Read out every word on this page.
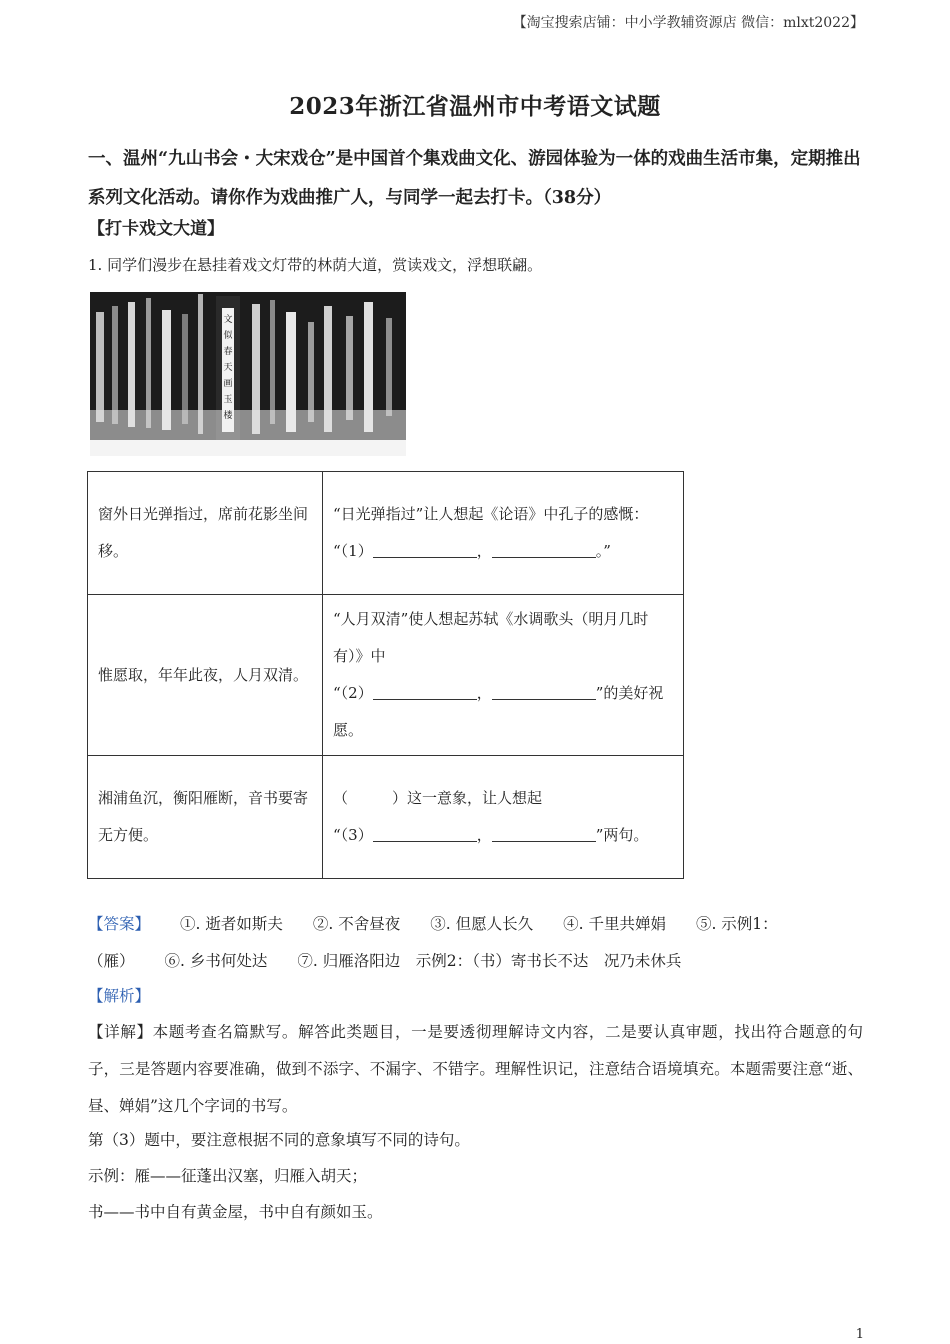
【淘宝搜索店铺：中小学教辅资源店 微信：mlxt2022】
2023年浙江省温州市中考语文试题
一、温州“九山书会・大宋戏仓”是中国首个集戏曲文化、游园体验为一体的戏曲生活市集，定期推出系列文化活动。请你作为戏曲推广人，与同学一起去打卡。（38分）
【打卡戏文大道】
1. 同学们漫步在悬挂着戏文灯带的林荫大道，赏读戏文，浮想联翩。
文
似
春
天
画
玉
楼
窗外日光弹指过，席前花影坐间移。	“日光弹指过”让人想起《论语》中孔子的感慨：
“（1） ， 。”
惟愿取，年年此夜，人月双清。	“人月双清”使人想起苏轼《水调歌头（明月几时有）》中
“（2） ， ”的美好祝愿。
湘浦鱼沉，衡阳雁断，音书要寄无方便。	（ ）这一意象，让人想起
“（3） ， ”两句。
【答案】 ①. 逝者如斯夫 ②. 不舍昼夜 ③. 但愿人长久 ④. 千里共婵娟 ⑤. 示例1：
（雁） ⑥. 乡书何处达 ⑦. 归雁洛阳边　示例2：（书）寄书长不达　况乃未休兵
【解析】
【详解】本题考查名篇默写。解答此类题目，一是要透彻理解诗文内容，二是要认真审题，找出符合题意的句子，三是答题内容要准确，做到不添字、不漏字、不错字。理解性识记，注意结合语境填充。本题需要注意“逝、昼、婵娟”这几个字词的书写。
第（3）题中，要注意根据不同的意象填写不同的诗句。
示例：雁——征蓬出汉塞，归雁入胡天；
书——书中自有黄金屋，书中自有颜如玉。
1
